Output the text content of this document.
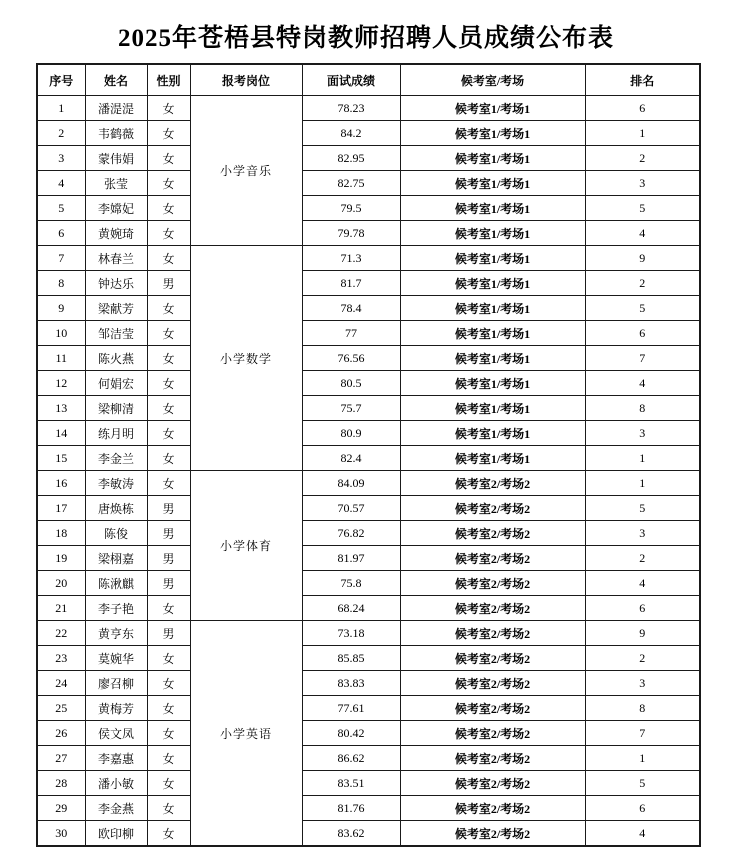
2025年苍梧县特岗教师招聘人员成绩公布表
序号	姓名	性别	报考岗位	面试成绩	候考室/考场	排名
1	潘湜湜	女	小学音乐	78.23	候考室1/考场1	6
2	韦鹤薇	女		84.2	候考室1/考场1	1
3	蒙伟娟	女		82.95	候考室1/考场1	2
4	张莹	女		82.75	候考室1/考场1	3
5	李嫦妃	女		79.5	候考室1/考场1	5
6	黄婉琦	女		79.78	候考室1/考场1	4
7	林春兰	女	小学数学	71.3	候考室1/考场1	9
8	钟达乐	男		81.7	候考室1/考场1	2
9	梁献芳	女		78.4	候考室1/考场1	5
10	邹洁莹	女		77	候考室1/考场1	6
11	陈火燕	女		76.56	候考室1/考场1	7
12	何娟宏	女		80.5	候考室1/考场1	4
13	梁柳清	女		75.7	候考室1/考场1	8
14	练月明	女		80.9	候考室1/考场1	3
15	李金兰	女		82.4	候考室1/考场1	1
16	李敏涛	女	小学体育	84.09	候考室2/考场2	1
17	唐焕栋	男		70.57	候考室2/考场2	5
18	陈俊	男		76.82	候考室2/考场2	3
19	梁栩嘉	男		81.97	候考室2/考场2	2
20	陈湫麒	男		75.8	候考室2/考场2	4
21	李子艳	女		68.24	候考室2/考场2	6
22	黄亨东	男	小学英语	73.18	候考室2/考场2	9
23	莫婉华	女		85.85	候考室2/考场2	2
24	廖召柳	女		83.83	候考室2/考场2	3
25	黄梅芳	女		77.61	候考室2/考场2	8
26	侯文凤	女		80.42	候考室2/考场2	7
27	李嘉惠	女		86.62	候考室2/考场2	1
28	潘小敏	女		83.51	候考室2/考场2	5
29	李金燕	女		81.76	候考室2/考场2	6
30	欧印柳	女		83.62	候考室2/考场2	4
